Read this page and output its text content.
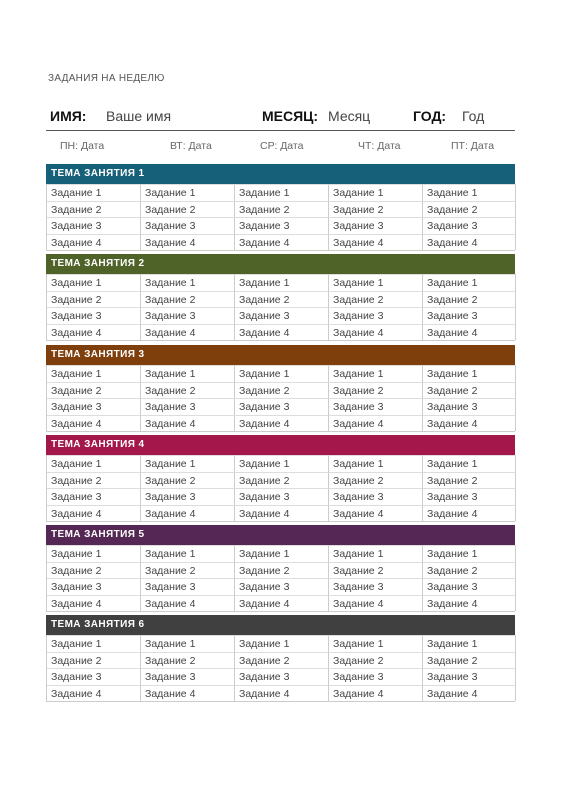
ЗАДАНИЯ НА НЕДЕЛЮ
ИМЯ: Ваше имя	МЕСЯЦ: Месяц	ГОД: Год
ПН: Дата	ВТ: Дата	СР: Дата	ЧТ: Дата	ПТ: Дата
ТЕМА ЗАНЯТИЯ 1
Задание 1	Задание 1	Задание 1	Задание 1	Задание 1
Задание 2	Задание 2	Задание 2	Задание 2	Задание 2
Задание 3	Задание 3	Задание 3	Задание 3	Задание 3
Задание 4	Задание 4	Задание 4	Задание 4	Задание 4
ТЕМА ЗАНЯТИЯ 2
Задание 1	Задание 1	Задание 1	Задание 1	Задание 1
Задание 2	Задание 2	Задание 2	Задание 2	Задание 2
Задание 3	Задание 3	Задание 3	Задание 3	Задание 3
Задание 4	Задание 4	Задание 4	Задание 4	Задание 4
ТЕМА ЗАНЯТИЯ 3
Задание 1	Задание 1	Задание 1	Задание 1	Задание 1
Задание 2	Задание 2	Задание 2	Задание 2	Задание 2
Задание 3	Задание 3	Задание 3	Задание 3	Задание 3
Задание 4	Задание 4	Задание 4	Задание 4	Задание 4
ТЕМА ЗАНЯТИЯ 4
Задание 1	Задание 1	Задание 1	Задание 1	Задание 1
Задание 2	Задание 2	Задание 2	Задание 2	Задание 2
Задание 3	Задание 3	Задание 3	Задание 3	Задание 3
Задание 4	Задание 4	Задание 4	Задание 4	Задание 4
ТЕМА ЗАНЯТИЯ 5
Задание 1	Задание 1	Задание 1	Задание 1	Задание 1
Задание 2	Задание 2	Задание 2	Задание 2	Задание 2
Задание 3	Задание 3	Задание 3	Задание 3	Задание 3
Задание 4	Задание 4	Задание 4	Задание 4	Задание 4
ТЕМА ЗАНЯТИЯ 6
Задание 1	Задание 1	Задание 1	Задание 1	Задание 1
Задание 2	Задание 2	Задание 2	Задание 2	Задание 2
Задание 3	Задание 3	Задание 3	Задание 3	Задание 3
Задание 4	Задание 4	Задание 4	Задание 4	Задание 4
